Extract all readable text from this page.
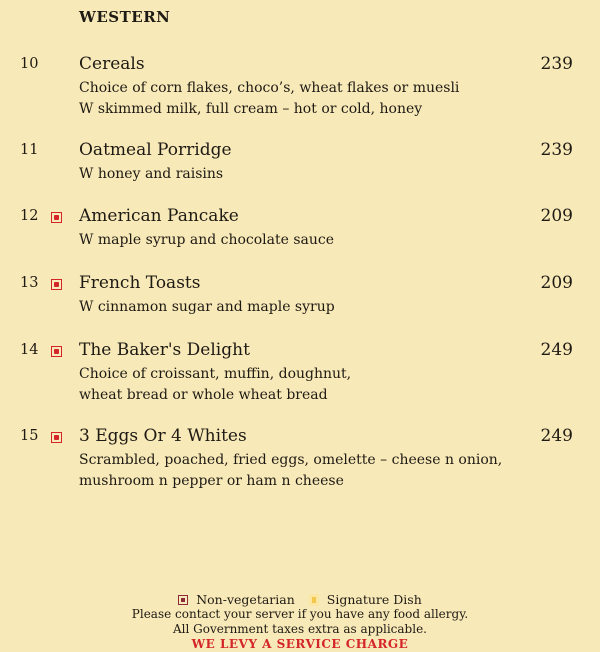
WESTERN
10 Cereals	239
Choice of corn flakes, choco’s, wheat flakes or muesli
W skimmed milk, full cream – hot or cold, honey
11 Oatmeal Porridge	239
W honey and raisins
12 American Pancake	209
W maple syrup and chocolate sauce
13 French Toasts	209
W cinnamon sugar and maple syrup
14 The Baker's Delight	249
Choice of croissant, muffin, doughnut,
wheat bread or whole wheat bread
15 3 Eggs Or 4 Whites	249
Scrambled, poached, fried eggs, omelette – cheese n onion,
mushroom n pepper or ham n cheese
Non-vegetarian	Signature Dish
Please contact your server if you have any food allergy.
All Government taxes extra as applicable.
WE LEVY A SERVICE CHARGE
